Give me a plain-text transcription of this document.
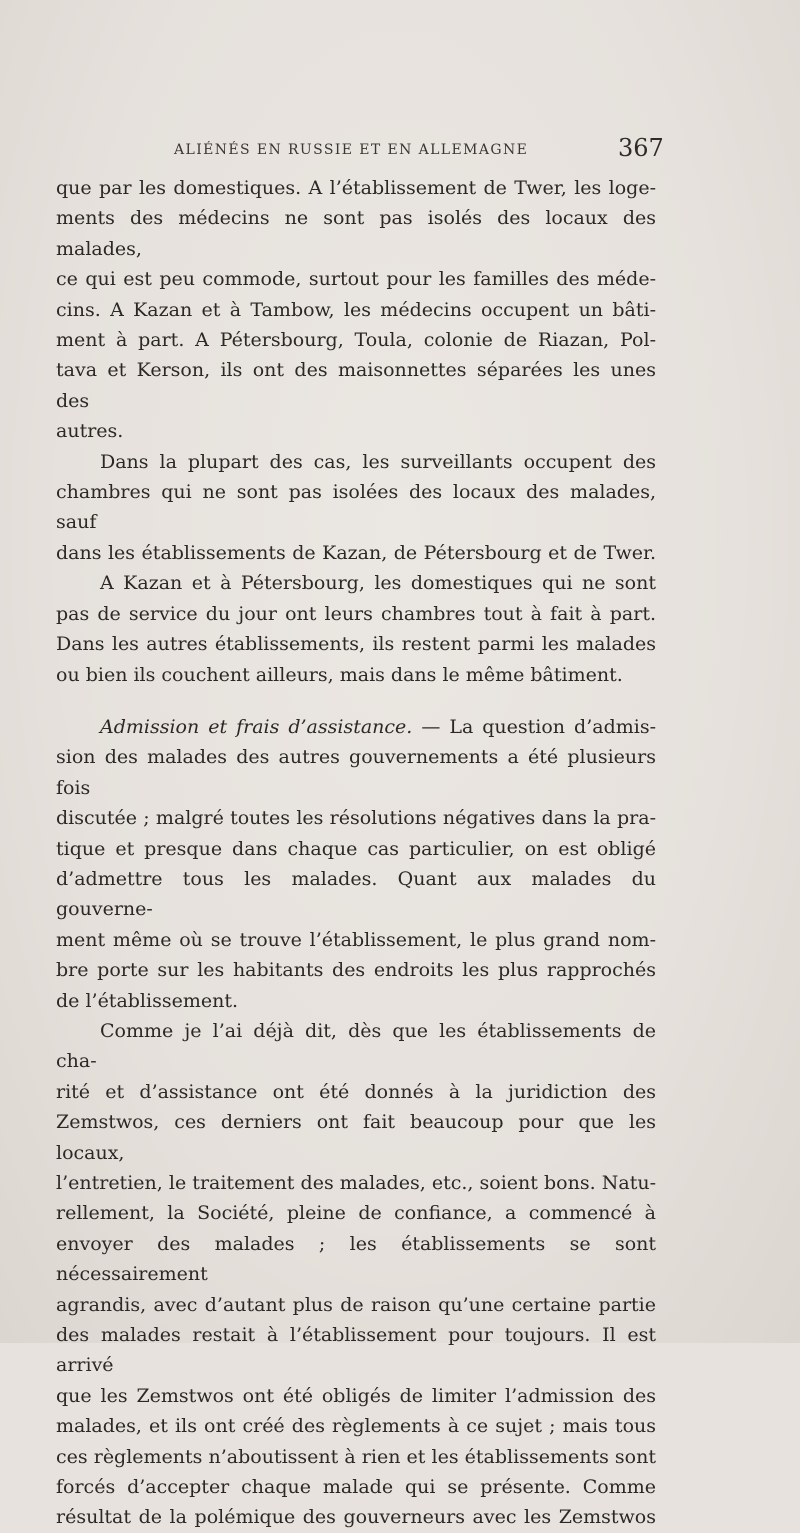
ALIÉNÉS EN RUSSIE ET EN ALLEMAGNE	367
que par les domestiques. A l’établissement de Twer, les loge-
ments des médecins ne sont pas isolés des locaux des malades,
ce qui est peu commode, surtout pour les familles des méde-
cins. A Kazan et à Tambow, les médecins occupent un bâti-
ment à part. A Pétersbourg, Toula, colonie de Riazan, Pol-
tava et Kerson, ils ont des maisonnettes séparées les unes des
autres.
Dans la plupart des cas, les surveillants occupent des
chambres qui ne sont pas isolées des locaux des malades, sauf
dans les établissements de Kazan, de Pétersbourg et de Twer.
A Kazan et à Pétersbourg, les domestiques qui ne sont
pas de service du jour ont leurs chambres tout à fait à part.
Dans les autres établissements, ils restent parmi les malades
ou bien ils couchent ailleurs, mais dans le même bâtiment.
Admission et frais d’assistance. — La question d’admis-
sion des malades des autres gouvernements a été plusieurs fois
discutée ; malgré toutes les résolutions négatives dans la pra-
tique et presque dans chaque cas particulier, on est obligé
d’admettre tous les malades. Quant aux malades du gouverne-
ment même où se trouve l’établissement, le plus grand nom-
bre porte sur les habitants des endroits les plus rapprochés
de l’établissement.
Comme je l’ai déjà dit, dès que les établissements de cha-
rité et d’assistance ont été donnés à la juridiction des
Zemstwos, ces derniers ont fait beaucoup pour que les locaux,
l’entretien, le traitement des malades, etc., soient bons. Natu-
rellement, la Société, pleine de confiance, a commencé à
envoyer des malades ; les établissements se sont nécessairement
agrandis, avec d’autant plus de raison qu’une certaine partie
des malades restait à l’établissement pour toujours. Il est arrivé
que les Zemstwos ont été obligés de limiter l’admission des
malades, et ils ont créé des règlements à ce sujet ; mais tous
ces règlements n’aboutissent à rien et les établissements sont
forcés d’accepter chaque malade qui se présente. Comme
résultat de la polémique des gouverneurs avec les Zemstwos
